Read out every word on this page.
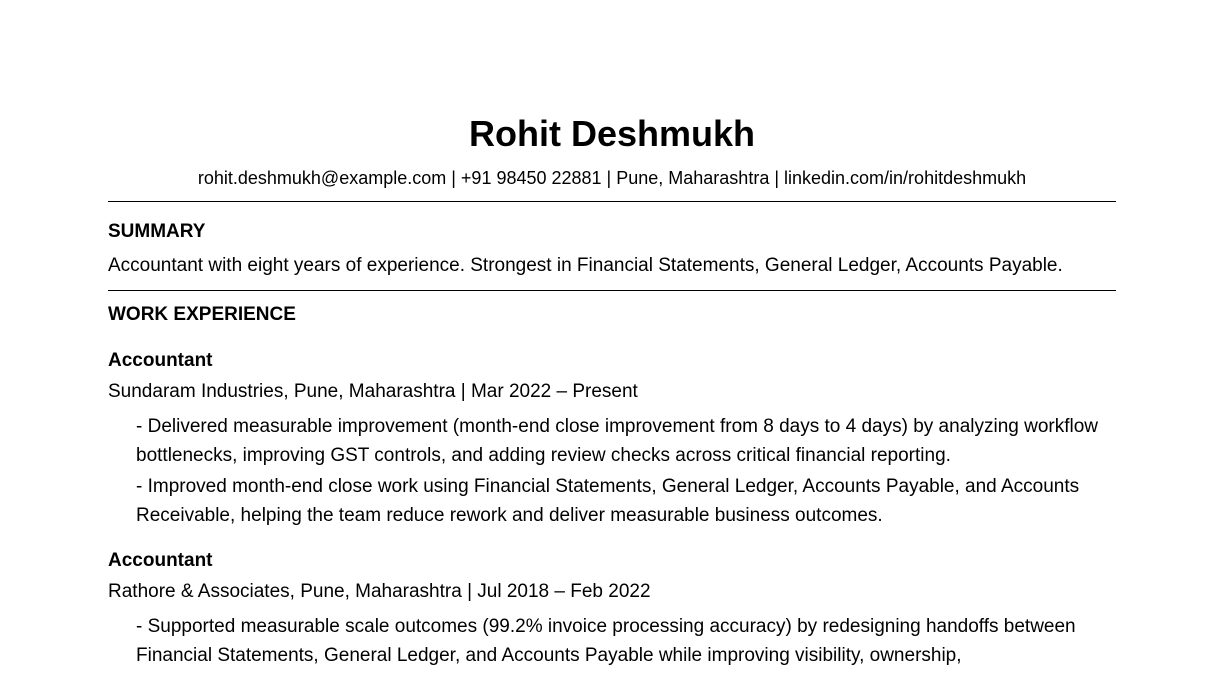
Rohit Deshmukh
rohit.deshmukh@example.com | +91 98450 22881 | Pune, Maharashtra | linkedin.com/in/rohitdeshmukh
SUMMARY
Accountant with eight years of experience. Strongest in Financial Statements, General Ledger, Accounts Payable.
WORK EXPERIENCE
Accountant
Sundaram Industries, Pune, Maharashtra | Mar 2022 – Present
- Delivered measurable improvement (month-end close improvement from 8 days to 4 days) by analyzing workflow bottlenecks, improving GST controls, and adding review checks across critical financial reporting.
- Improved month-end close work using Financial Statements, General Ledger, Accounts Payable, and Accounts Receivable, helping the team reduce rework and deliver measurable business outcomes.
Accountant
Rathore & Associates, Pune, Maharashtra | Jul 2018 – Feb 2022
- Supported measurable scale outcomes (99.2% invoice processing accuracy) by redesigning handoffs between Financial Statements, General Ledger, and Accounts Payable while improving visibility, ownership,
